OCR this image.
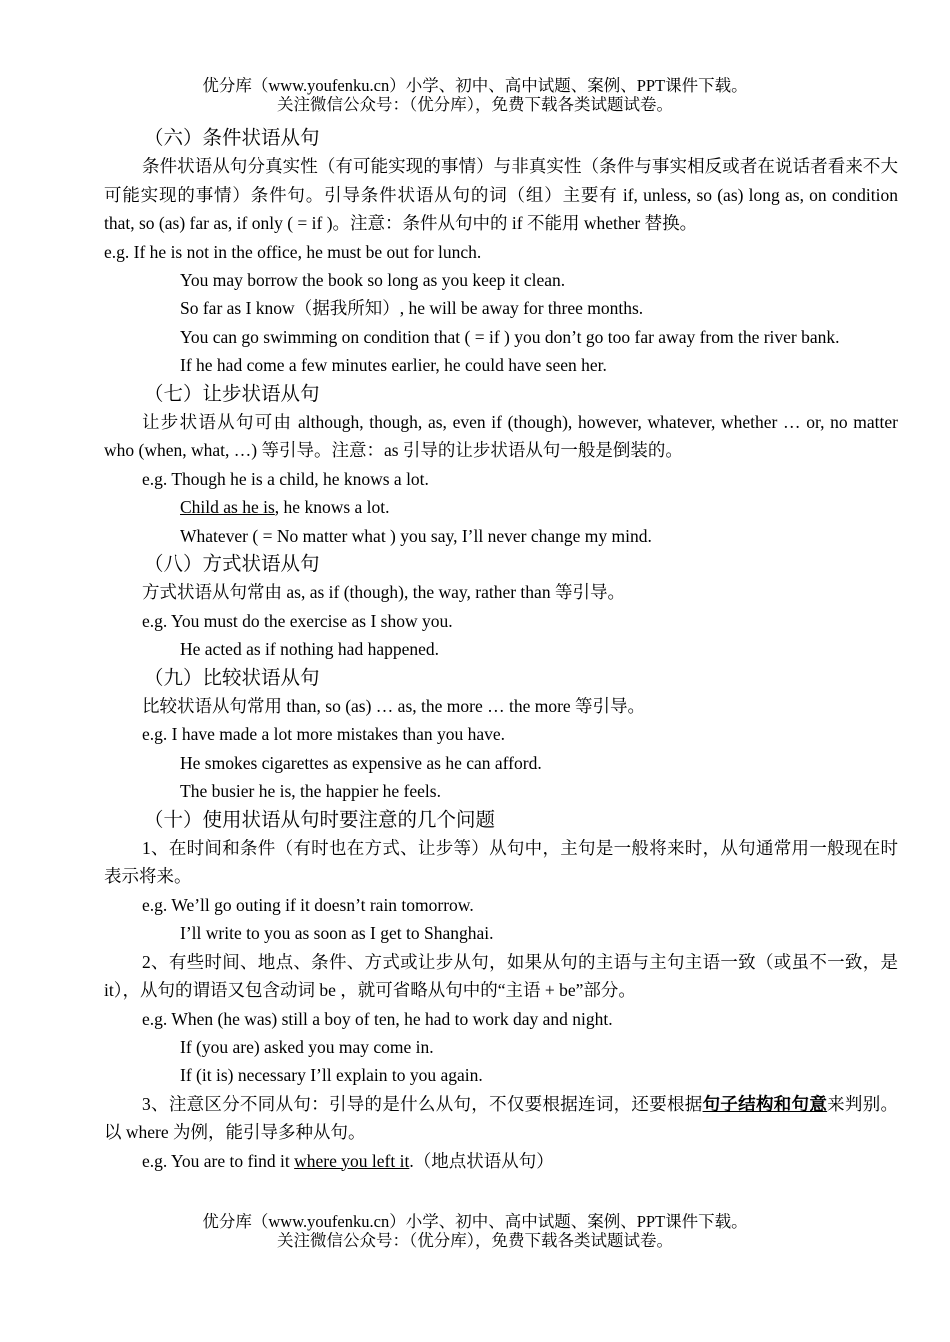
优分库（www.youfenku.cn）小学、初中、高中试题、案例、PPT课件下载。
关注微信公众号：（优分库），免费下载各类试题试卷。
（六）条件状语从句
条件状语从句分真实性（有可能实现的事情）与非真实性（条件与事实相反或者在说话者看来不大可能实现的事情）条件句。引导条件状语从句的词（组）主要有 if, unless, so (as) long as, on condition that, so (as) far as, if only ( = if )。注意：条件从句中的 if 不能用 whether 替换。
e.g. If he is not in the office, he must be out for lunch.
You may borrow the book so long as you keep it clean.
So far as I know（据我所知）, he will be away for three months.
You can go swimming on condition that ( = if ) you don’t go too far away from the river bank.
If he had come a few minutes earlier, he could have seen her.
（七）让步状语从句
让步状语从句可由 although, though, as, even if (though), however, whatever, whether … or, no matter who (when, what, …) 等引导。注意：as 引导的让步状语从句一般是倒装的。
e.g. Though he is a child, he knows a lot.
Child as he is, he knows a lot.
Whatever ( = No matter what ) you say, I’ll never change my mind.
（八）方式状语从句
方式状语从句常由 as, as if (though), the way, rather than 等引导。
e.g. You must do the exercise as I show you.
He acted as if nothing had happened.
（九）比较状语从句
比较状语从句常用 than, so (as) … as, the more … the more 等引导。
e.g. I have made a lot more mistakes than you have.
He smokes cigarettes as expensive as he can afford.
The busier he is, the happier he feels.
（十）使用状语从句时要注意的几个问题
1、在时间和条件（有时也在方式、让步等）从句中，主句是一般将来时，从句通常用一般现在时表示将来。
e.g. We’ll go outing if it doesn’t rain tomorrow.
I’ll write to you as soon as I get to Shanghai.
2、有些时间、地点、条件、方式或让步从句，如果从句的主语与主句主语一致（或虽不一致，是 it），从句的谓语又包含动词 be ，就可省略从句中的“主语 + be”部分。
e.g. When (he was) still a boy of ten, he had to work day and night.
If (you are) asked you may come in.
If (it is) necessary I’ll explain to you again.
3、注意区分不同从句：引导的是什么从句，不仅要根据连词，还要根据句子结构和句意来判别。以 where 为例，能引导多种从句。
e.g. You are to find it where you left it.（地点状语从句）
优分库（www.youfenku.cn）小学、初中、高中试题、案例、PPT课件下载。
关注微信公众号：（优分库），免费下载各类试题试卷。
